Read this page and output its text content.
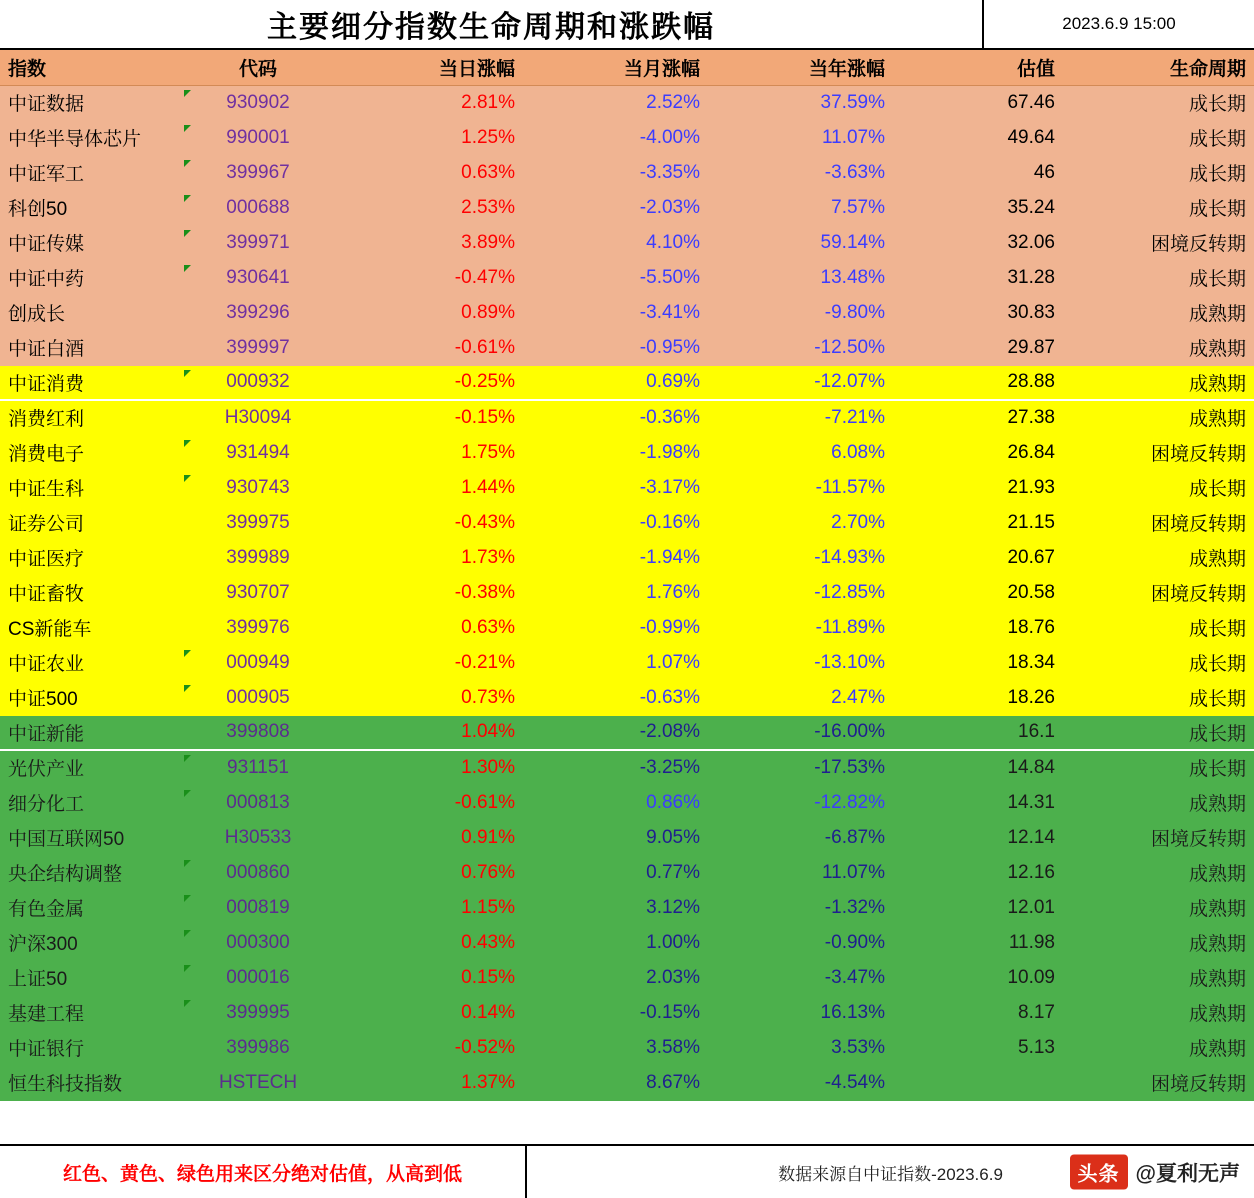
主要细分指数生命周期和涨跌幅	2023.6.9 15:00
指数	代码	当日涨幅	当月涨幅	当年涨幅	估值	生命周期
中证数据	930902	2.81%	2.52%	37.59%	67.46	成长期
中华半导体芯片	990001	1.25%	-4.00%	11.07%	49.64	成长期
中证军工	399967	0.63%	-3.35%	-3.63%	46	成长期
科创50	000688	2.53%	-2.03%	7.57%	35.24	成长期
中证传媒	399971	3.89%	4.10%	59.14%	32.06	困境反转期
中证中药	930641	-0.47%	-5.50%	13.48%	31.28	成长期
创成长	399296	0.89%	-3.41%	-9.80%	30.83	成熟期
中证白酒	399997	-0.61%	-0.95%	-12.50%	29.87	成熟期
中证消费	000932	-0.25%	0.69%	-12.07%	28.88	成熟期
消费红利	H30094	-0.15%	-0.36%	-7.21%	27.38	成熟期
消费电子	931494	1.75%	-1.98%	6.08%	26.84	困境反转期
中证生科	930743	1.44%	-3.17%	-11.57%	21.93	成长期
证券公司	399975	-0.43%	-0.16%	2.70%	21.15	困境反转期
中证医疗	399989	1.73%	-1.94%	-14.93%	20.67	成熟期
中证畜牧	930707	-0.38%	1.76%	-12.85%	20.58	困境反转期
CS新能车	399976	0.63%	-0.99%	-11.89%	18.76	成长期
中证农业	000949	-0.21%	1.07%	-13.10%	18.34	成长期
中证500	000905	0.73%	-0.63%	2.47%	18.26	成长期
中证新能	399808	1.04%	-2.08%	-16.00%	16.1	成长期
光伏产业	931151	1.30%	-3.25%	-17.53%	14.84	成长期
细分化工	000813	-0.61%	0.86%	-12.82%	14.31	成熟期
中国互联网50	H30533	0.91%	9.05%	-6.87%	12.14	困境反转期
央企结构调整	000860	0.76%	0.77%	11.07%	12.16	成熟期
有色金属	000819	1.15%	3.12%	-1.32%	12.01	成熟期
沪深300	000300	0.43%	1.00%	-0.90%	11.98	成熟期
上证50	000016	0.15%	2.03%	-3.47%	10.09	成熟期
基建工程	399995	0.14%	-0.15%	16.13%	8.17	成熟期
中证银行	399986	-0.52%	3.58%	3.53%	5.13	成熟期
恒生科技指数	HSTECH	1.37%	8.67%	-4.54%		困境反转期
红色、黄色、绿色用来区分绝对估值，从高到低	数据来源自中证指数-2023.6.9	头条 @夏利无声
